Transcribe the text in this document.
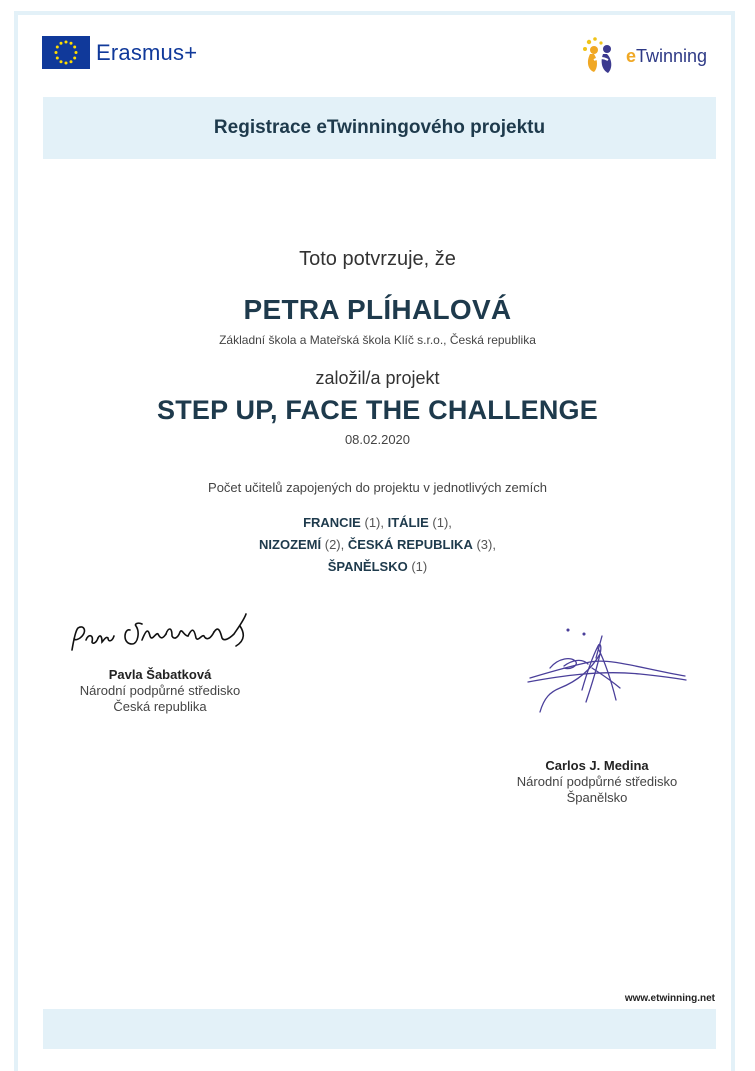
Erasmus+	eTwinning
Registrace eTwinningového projektu
Toto potvrzuje, že
PETRA PLÍHALOVÁ
Základní škola a Mateřská škola Klíč s.r.o., Česká republika
založil/a projekt
STEP UP, FACE THE CHALLENGE
08.02.2020
Počet učitelů zapojených do projektu v jednotlivých zemích
FRANCIE (1), ITÁLIE (1),
NIZOZEMÍ (2), ČESKÁ REPUBLIKA (3),
ŠPANĚLSKO (1)
Pavla Šabatková
Národní podpůrné středisko
Česká republika
Carlos J. Medina
Národní podpůrné středisko
Španělsko
www.etwinning.net
